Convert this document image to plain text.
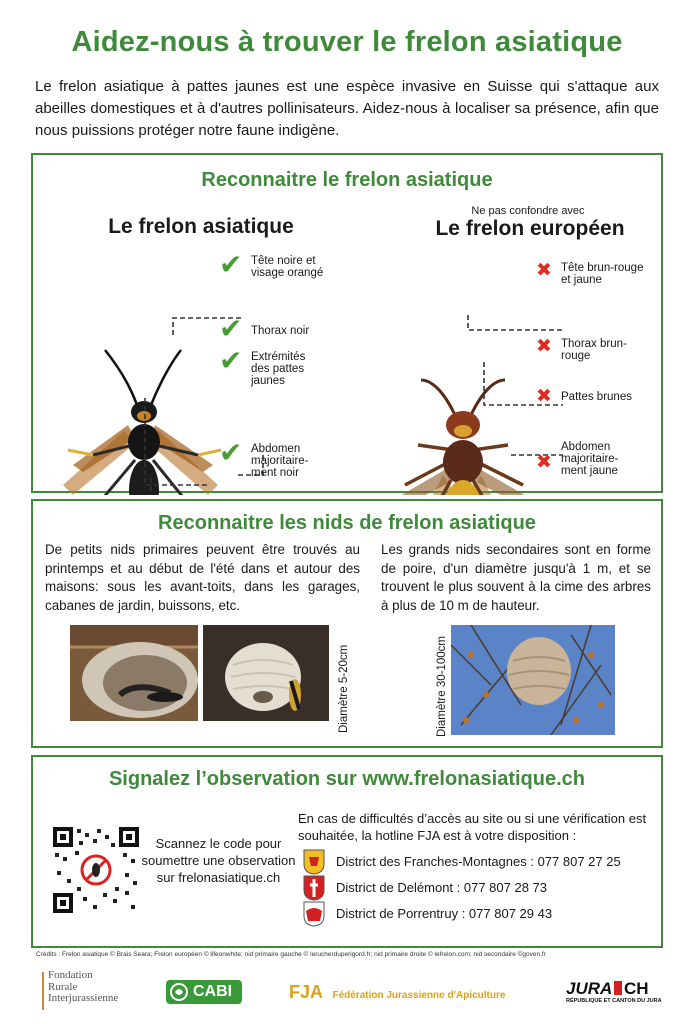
Aidez-nous à trouver le frelon asiatique
Le frelon asiatique à pattes jaunes est une espèce invasive en Suisse qui s'attaque aux abeilles domestiques et à d'autres pollinisateurs. Aidez-nous à localiser sa présence, afin que nous puissions protéger notre faune indigène.
Reconnaitre le frelon asiatique
Le frelon asiatique
Ne pas confondre avec
Le frelon européen
✔ Tête noire et visage orangé
✔ Thorax noir
✔ Extrémités des pattes jaunes
✔ Abdomen majoritaire-ment noir
✖ Tête brun-rouge et jaune
✖ Thorax brun-rouge
✖ Pattes brunes
✖
Abdomen majoritaire-ment jaune
Reconnaitre les nids de frelon asiatique
De petits nids primaires peuvent être trouvés au printemps et au début de l'été dans et autour des maisons: sous les avant-toits, dans les garages, cabanes de jardin, buissons, etc.
Les grands nids secondaires sont en forme de poire, d'un diamètre jusqu'à 1 m, et se trouvent le plus souvent à la cime des arbres à plus de 10 m de hauteur.
Diamètre 5-20cm	Diamètre 30-100cm
Signalez l’observation sur www.frelonasiatique.ch
Scannez le code pour soumettre une observation sur frelonasiatique.ch
En cas de difficultés d’accès au site ou si une vérification est souhaitée, la hotline FJA est à votre disposition :
District des Franches-Montagnes : 077 807 27 25
District de Delémont : 077 807 28 73
District de Porrentruy : 077 807 29 43
Crédits : Frelon asiatique © Brais Seara; Frelon européen © lifeonwhite; nid primaire gauche © lerucherduperigord.fr; nid primaire droite © lefrelon.com; nid secondaire ©goven.fr
Fondation
Rurale
Interjurassienne	CABI	FJA Fédération Jurassienne d'Apiculture	JURA CH
RÉPUBLIQUE ET CANTON DU JURA
